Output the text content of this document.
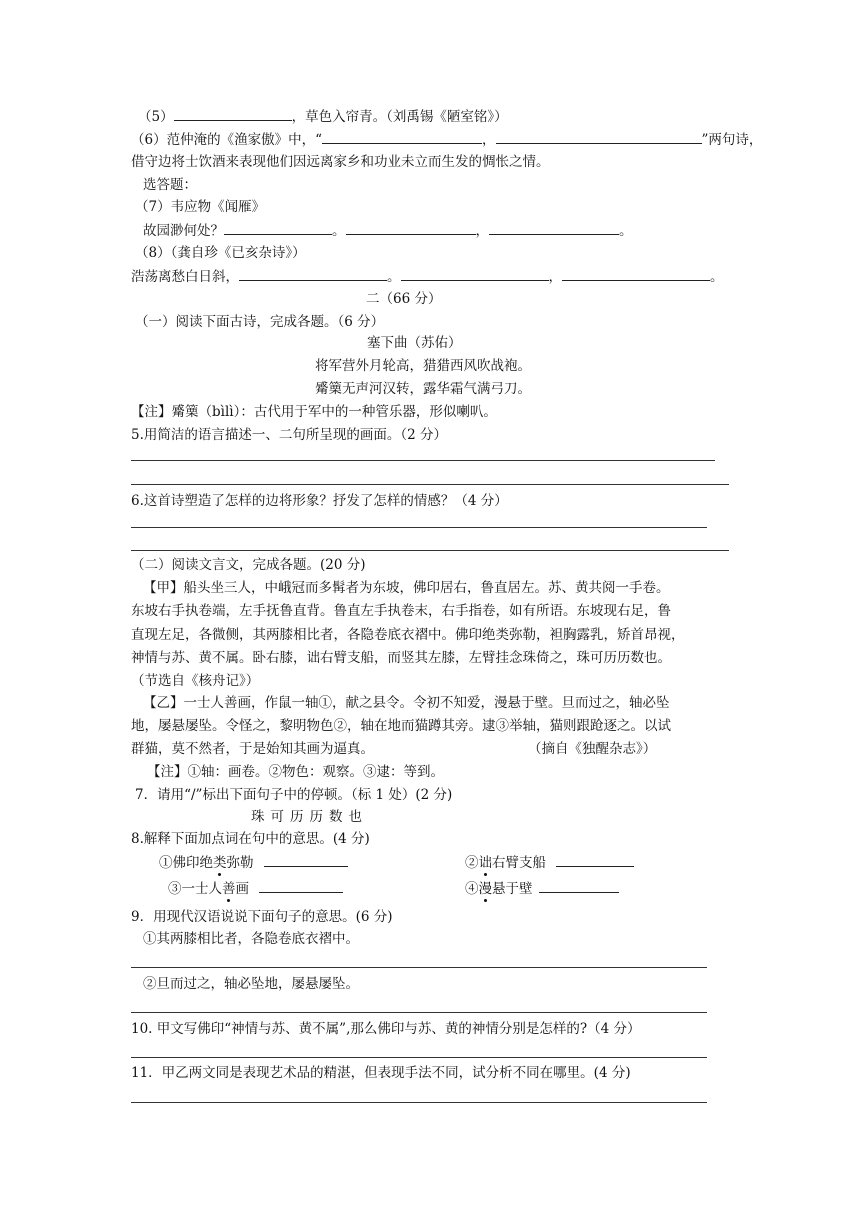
（5）	，草色入帘青。（刘禹锡《陋室铭》）
（6）范仲淹的《渔家傲》中，“	，	”两句诗，
借守边将士饮酒来表现他们因远离家乡和功业未立而生发的惆怅之情。
选答题：
（7）韦应物《闻雁》
故园渺何处？	。	，	。
（8）（龚自珍《已亥杂诗》）
浩荡离愁白日斜，	。	，	。
二（66 分）
（一）阅读下面古诗，完成各题。（6 分）
塞下曲（苏佑）
将军营外月轮高，猎猎西风吹战袍。
觱篥无声河汉转，露华霜气满弓刀。
【注】觱篥（bìlì）：古代用于军中的一种管乐器，形似喇叭。
5.用简洁的语言描述一、二句所呈现的画面。（2 分）
6.这首诗塑造了怎样的边将形象？抒发了怎样的情感？（4 分）
（二）阅读文言文，完成各题。(20 分)
【甲】船头坐三人，中峨冠而多髯者为东坡，佛印居右，鲁直居左。苏、黄共阅一手卷。
东坡右手执卷端，左手抚鲁直背。鲁直左手执卷末，右手指卷，如有所语。东坡现右足，鲁
直现左足，各微侧，其两膝相比者，各隐卷底衣褶中。佛印绝类弥勒，袒胸露乳，矫首昂视，
神情与苏、黄不属。卧右膝，诎右臂支船，而竖其左膝，左臂挂念珠倚之，珠可历历数也。
（节选自《核舟记》）
【乙】一士人善画，作鼠一轴①，献之县令。令初不知爱，漫悬于壁。旦而过之，轴必坠
地，屡悬屡坠。令怪之，黎明物色②，轴在地而猫蹲其旁。逮③举轴，猫则跟跄逐之。以试
群猫，莫不然者，于是始知其画为逼真。	（摘自《独醒杂志》）
【注】①轴：画卷。②物色：观察。③逮：等到。
7．请用“/”标出下面句子中的停顿。（标 1 处）(2 分)
珠可历历数也
8.解释下面加点词在句中的意思。(4 分)
①佛印绝类弥勒	②诎右臂支船
③一士人善画	④漫悬于壁
9．用现代汉语说说下面句子的意思。(6 分)
①其两膝相比者，各隐卷底衣褶中。
②旦而过之，轴必坠地，屡悬屡坠。
10. 甲文写佛印“神情与苏、黄不属”,那么佛印与苏、黄的神情分别是怎样的?（4 分）
11．甲乙两文同是表现艺术品的精湛，但表现手法不同，试分析不同在哪里。(4 分)
